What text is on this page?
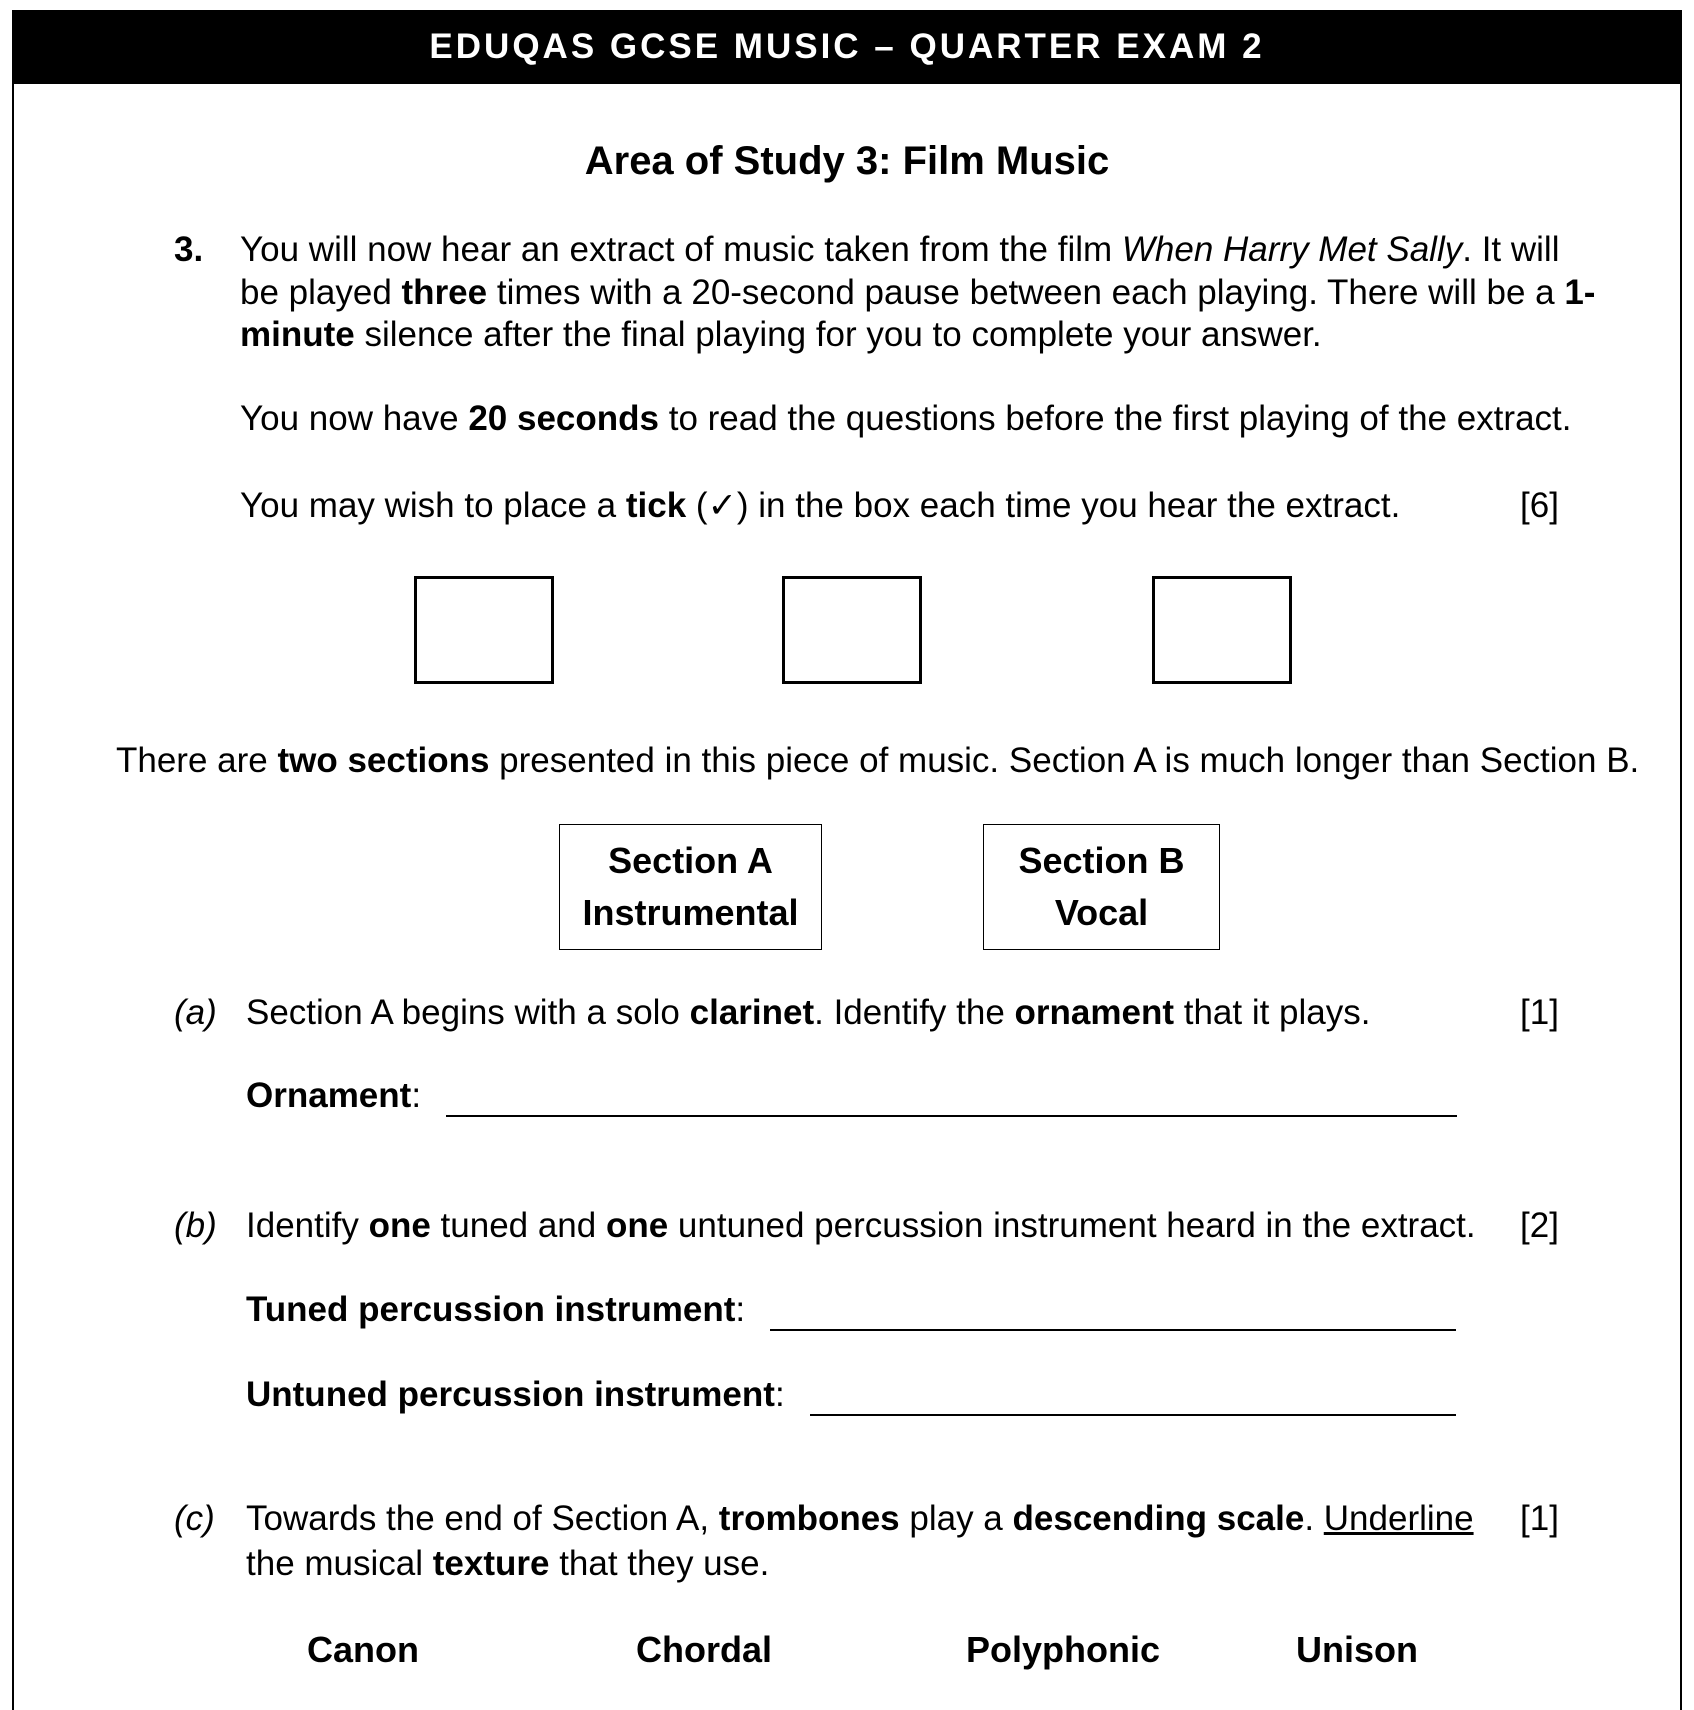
EDUQAS GCSE MUSIC – QUARTER EXAM 2
Area of Study 3: Film Music
3. You will now hear an extract of music taken from the film When Harry Met Sally. It will
be played three times with a 20-second pause between each playing. There will be a 1-
minute silence after the final playing for you to complete your answer.
You now have 20 seconds to read the questions before the first playing of the extract.
You may wish to place a tick (✓) in the box each time you hear the extract.	[6]
There are two sections presented in this piece of music. Section A is much longer than Section B.
Section A
Instrumental
Section B
Vocal
(a) Section A begins with a solo clarinet. Identify the ornament that it plays.	[1]
Ornament:
(b) Identify one tuned and one untuned percussion instrument heard in the extract. [2]
Tuned percussion instrument:
Untuned percussion instrument:
(c) Towards the end of Section A, trombones play a descending scale. Underline
the musical texture that they use.
[1]
Canon	Chordal	Polyphonic	Unison
